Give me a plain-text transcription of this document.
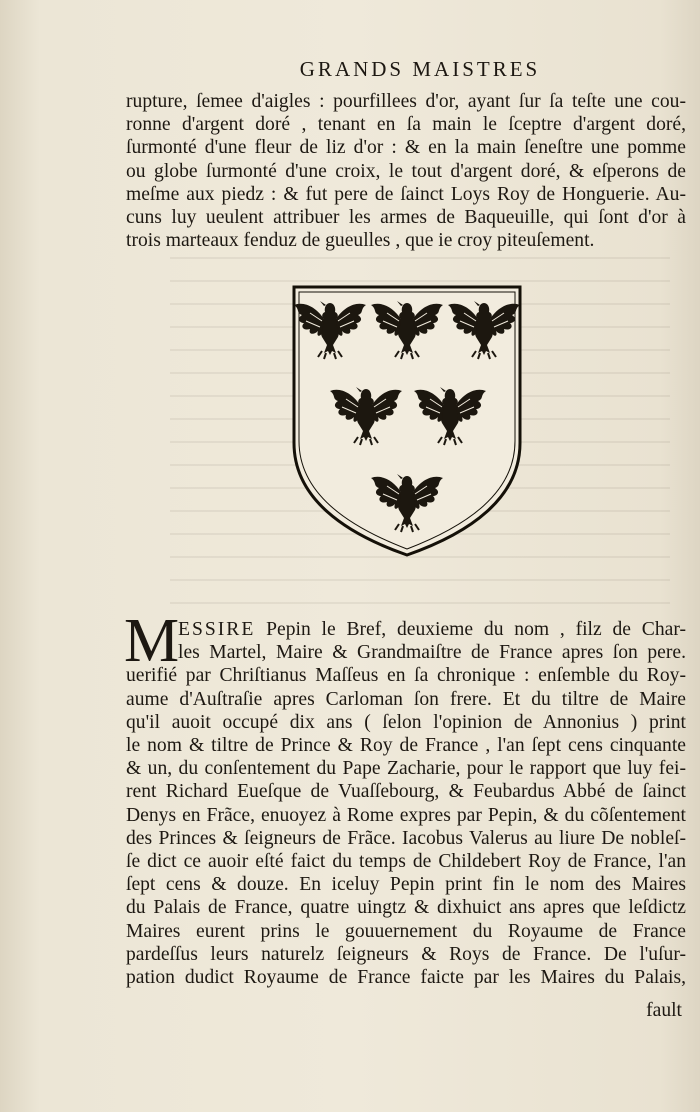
GRANDS MAISTRES
rupture, ſemee d'aigles : pourfillees d'or, ayant ſur ſa teſte une cou-
ronne d'argent doré , tenant en ſa main le ſceptre d'argent doré,
ſurmonté d'une fleur de liz d'or : & en la main ſeneſtre une pomme
ou globe ſurmonté d'une croix, le tout d'argent doré, & eſperons de
meſme aux piedz : & fut pere de ſainct Loys Roy de Honguerie. Au-
cuns luy ueulent attribuer les armes de Baqueuille, qui ſont d'or à
trois marteaux fenduz de gueulles , que ie croy piteuſement.
M
ESSIRE Pepin le Bref, deuxieme du nom , filz de Char-
les Martel, Maire & Grandmaiſtre de France apres ſon pere.
uerifié par Chriſtianus Maſſeus en ſa chronique : enſemble du Roy-
aume d'Auſtraſie apres Carloman ſon frere. Et du tiltre de Maire
qu'il auoit occupé dix ans ( ſelon l'opinion de Annonius ) print
le nom & tiltre de Prince & Roy de France , l'an ſept cens cinquante
& un, du conſentement du Pape Zacharie, pour le rapport que luy fei-
rent Richard Eueſque de Vuaſſebourg, & Feubardus Abbé de ſainct
Denys en Frãce, enuoyez à Rome expres par Pepin, & du cõſentement
des Princes & ſeigneurs de Frãce. Iacobus Valerus au liure De nobleſ-
ſe dict ce auoir eſté faict du temps de Childebert Roy de France, l'an
ſept cens & douze. En iceluy Pepin print fin le nom des Maires
du Palais de France, quatre uingtz & dixhuict ans apres que leſdictz
Maires eurent prins le gouuernement du Royaume de France
pardeſſus leurs naturelz ſeigneurs & Roys de France. De l'uſur-
pation dudict Royaume de France faicte par les Maires du Palais,
fault
